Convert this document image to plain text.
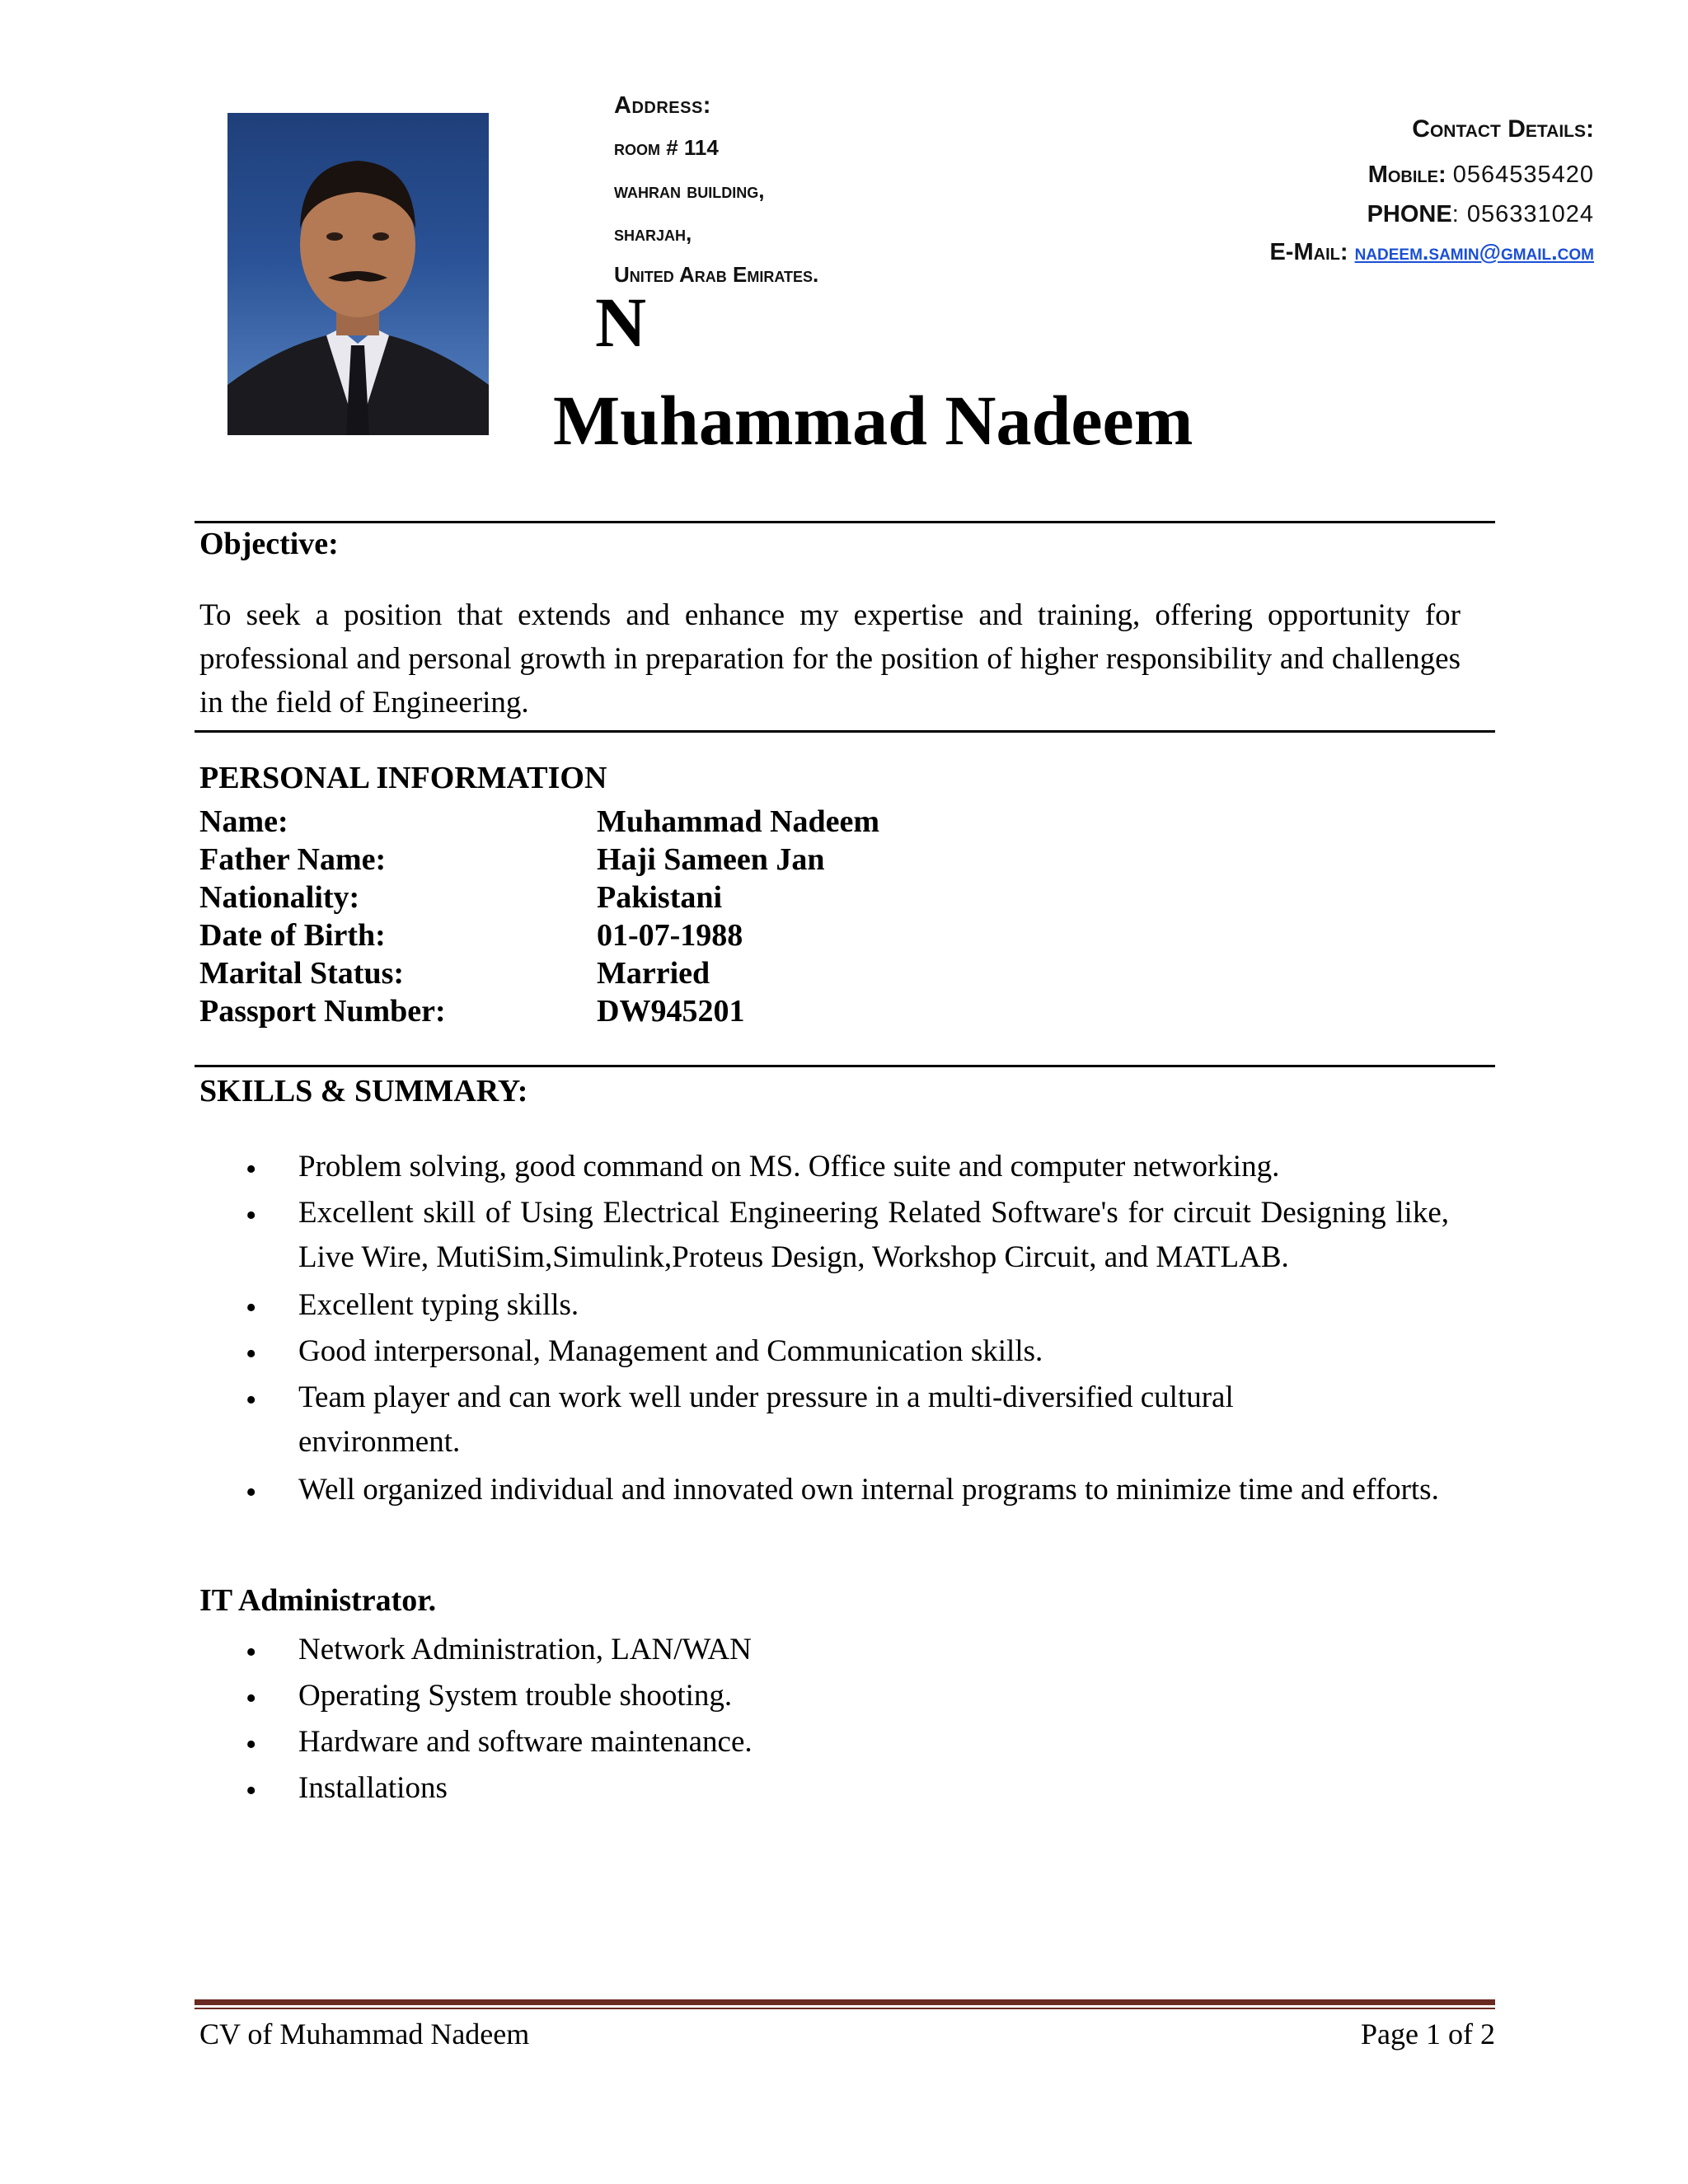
Address:
room # 114
wahran building,
sharjah,
United Arab Emirates.
Contact Details:
Mobile: 0564535420
PHONE: 056331024
E-Mail: nadeem.samin@gmail.com
N
Muhammad Nadeem
Objective:
To seek a position that extends and enhance my expertise and training, offering opportunity for professional and personal growth in preparation for the position of higher responsibility and challenges in the field of Engineering.
PERSONAL INFORMATION
Name:	Muhammad Nadeem
Father Name:	Haji Sameen Jan
Nationality:	Pakistani
Date of Birth:	01-07-1988
Marital Status:	Married
Passport Number:	DW945201
SKILLS & SUMMARY:
• Problem solving, good command on MS. Office suite and computer networking.
• Excellent skill of Using Electrical Engineering Related Software's for circuit Designing like, Live Wire, MutiSim,Simulink,Proteus Design, Workshop Circuit, and MATLAB.
• Excellent typing skills.
• Good interpersonal, Management and Communication skills.
• Team player and can work well under pressure in a multi-diversified cultural environment.
• Well organized individual and innovated own internal programs to minimize time and efforts.
IT Administrator.
• Network Administration, LAN/WAN
• Operating System trouble shooting.
• Hardware and software maintenance.
• Installations
CV of Muhammad Nadeem	Page 1 of 2
